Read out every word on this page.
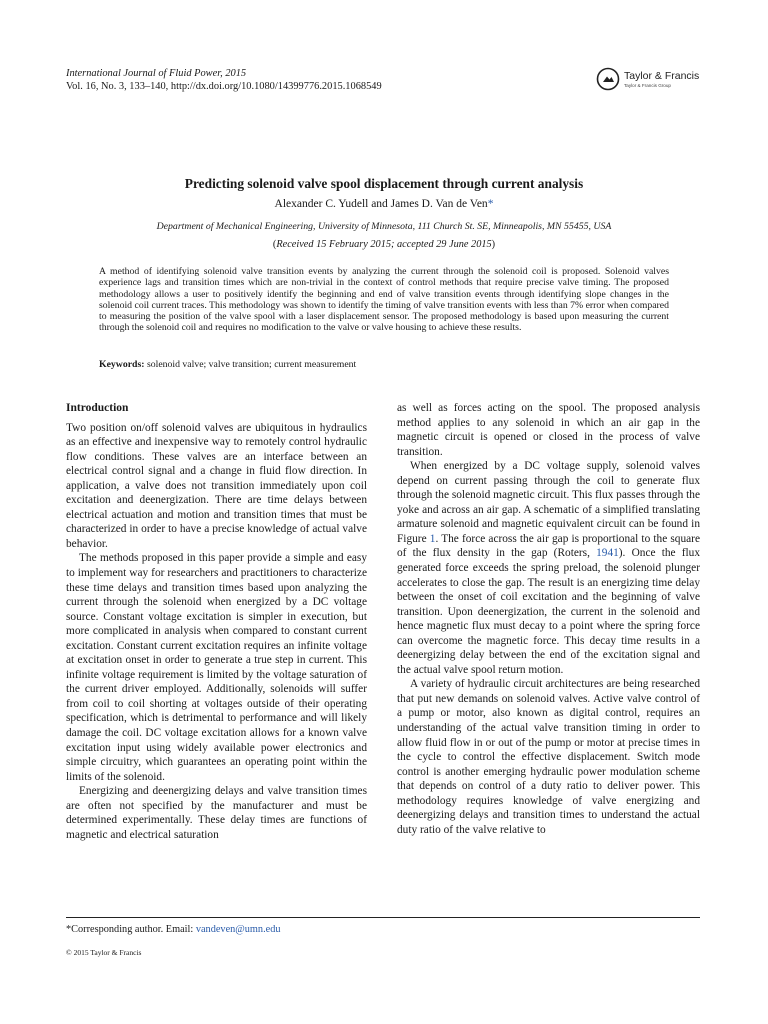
International Journal of Fluid Power, 2015
Vol. 16, No. 3, 133–140, http://dx.doi.org/10.1080/14399776.2015.1068549
Taylor & Francis
Taylor & Francis Group
Predicting solenoid valve spool displacement through current analysis
Alexander C. Yudell and James D. Van de Ven*
Department of Mechanical Engineering, University of Minnesota, 111 Church St. SE, Minneapolis, MN 55455, USA
(Received 15 February 2015; accepted 29 June 2015)
A method of identifying solenoid valve transition events by analyzing the current through the solenoid coil is proposed. Solenoid valves experience lags and transition times which are non-trivial in the context of control methods that require precise valve timing. The proposed methodology allows a user to positively identify the beginning and end of valve transition events through identifying slope changes in the solenoid coil current traces. This methodology was shown to identify the timing of valve transition events with less than 7% error when compared to measuring the position of the valve spool with a laser displacement sensor. The proposed methodology is based upon measuring the current through the solenoid coil and requires no modification to the valve or valve housing to achieve these results.
Keywords: solenoid valve; valve transition; current measurement
Introduction

Two position on/off solenoid valves are ubiquitous in hydraulics as an effective and inexpensive way to remotely control hydraulic flow conditions. These valves are an interface between an electrical control signal and a change in fluid flow direction. In application, a valve does not transition immediately upon coil excitation and deenergization. There are time delays between electrical actuation and motion and transition times that must be characterized in order to have a precise knowledge of actual valve behavior.

The methods proposed in this paper provide a simple and easy to implement way for researchers and practitioners to characterize these time delays and transition times based upon analyzing the current through the solenoid when energized by a DC voltage source. Constant voltage excitation is simpler in execution, but more complicated in analysis when compared to constant current excitation. Constant current excitation requires an infinite voltage at excitation onset in order to generate a true step in current. This infinite voltage requirement is limited by the voltage saturation of the current driver employed. Additionally, solenoids will suffer from coil to coil shorting at voltages outside of their operating specification, which is detrimental to performance and will likely damage the coil. DC voltage excitation allows for a known valve excitation input using widely available power electronics and simple circuitry, which guarantees an operating point within the limits of the solenoid.

Energizing and deenergizing delays and valve transition times are often not specified by the manufacturer and must be determined experimentally. These delay times are functions of magnetic and electrical saturation

as well as forces acting on the spool. The proposed analysis method applies to any solenoid in which an air gap in the magnetic circuit is opened or closed in the process of valve transition.

When energized by a DC voltage supply, solenoid valves depend on current passing through the coil to generate flux through the solenoid magnetic circuit. This flux passes through the yoke and across an air gap. A schematic of a simplified translating armature solenoid and magnetic equivalent circuit can be found in Figure 1. The force across the air gap is proportional to the square of the flux density in the gap (Roters, 1941). Once the flux generated force exceeds the spring preload, the solenoid plunger accelerates to close the gap. The result is an energizing time delay between the onset of coil excitation and the beginning of valve transition. Upon deenergization, the current in the solenoid and hence magnetic flux must decay to a point where the spring force can overcome the magnetic force. This decay time results in a deenergizing delay between the end of the excitation signal and the actual valve spool return motion.

A variety of hydraulic circuit architectures are being researched that put new demands on solenoid valves. Active valve control of a pump or motor, also known as digital control, requires an understanding of the actual valve transition timing in order to allow fluid flow in or out of the pump or motor at precise times in the cycle to control the effective displacement. Switch mode control is another emerging hydraulic power modulation scheme that depends on control of a duty ratio to deliver power. This methodology requires knowledge of valve energizing and deenergizing delays and transition times to understand the actual duty ratio of the valve relative to

*Corresponding author. Email: vandeven@umn.edu
© 2015 Taylor & Francis
